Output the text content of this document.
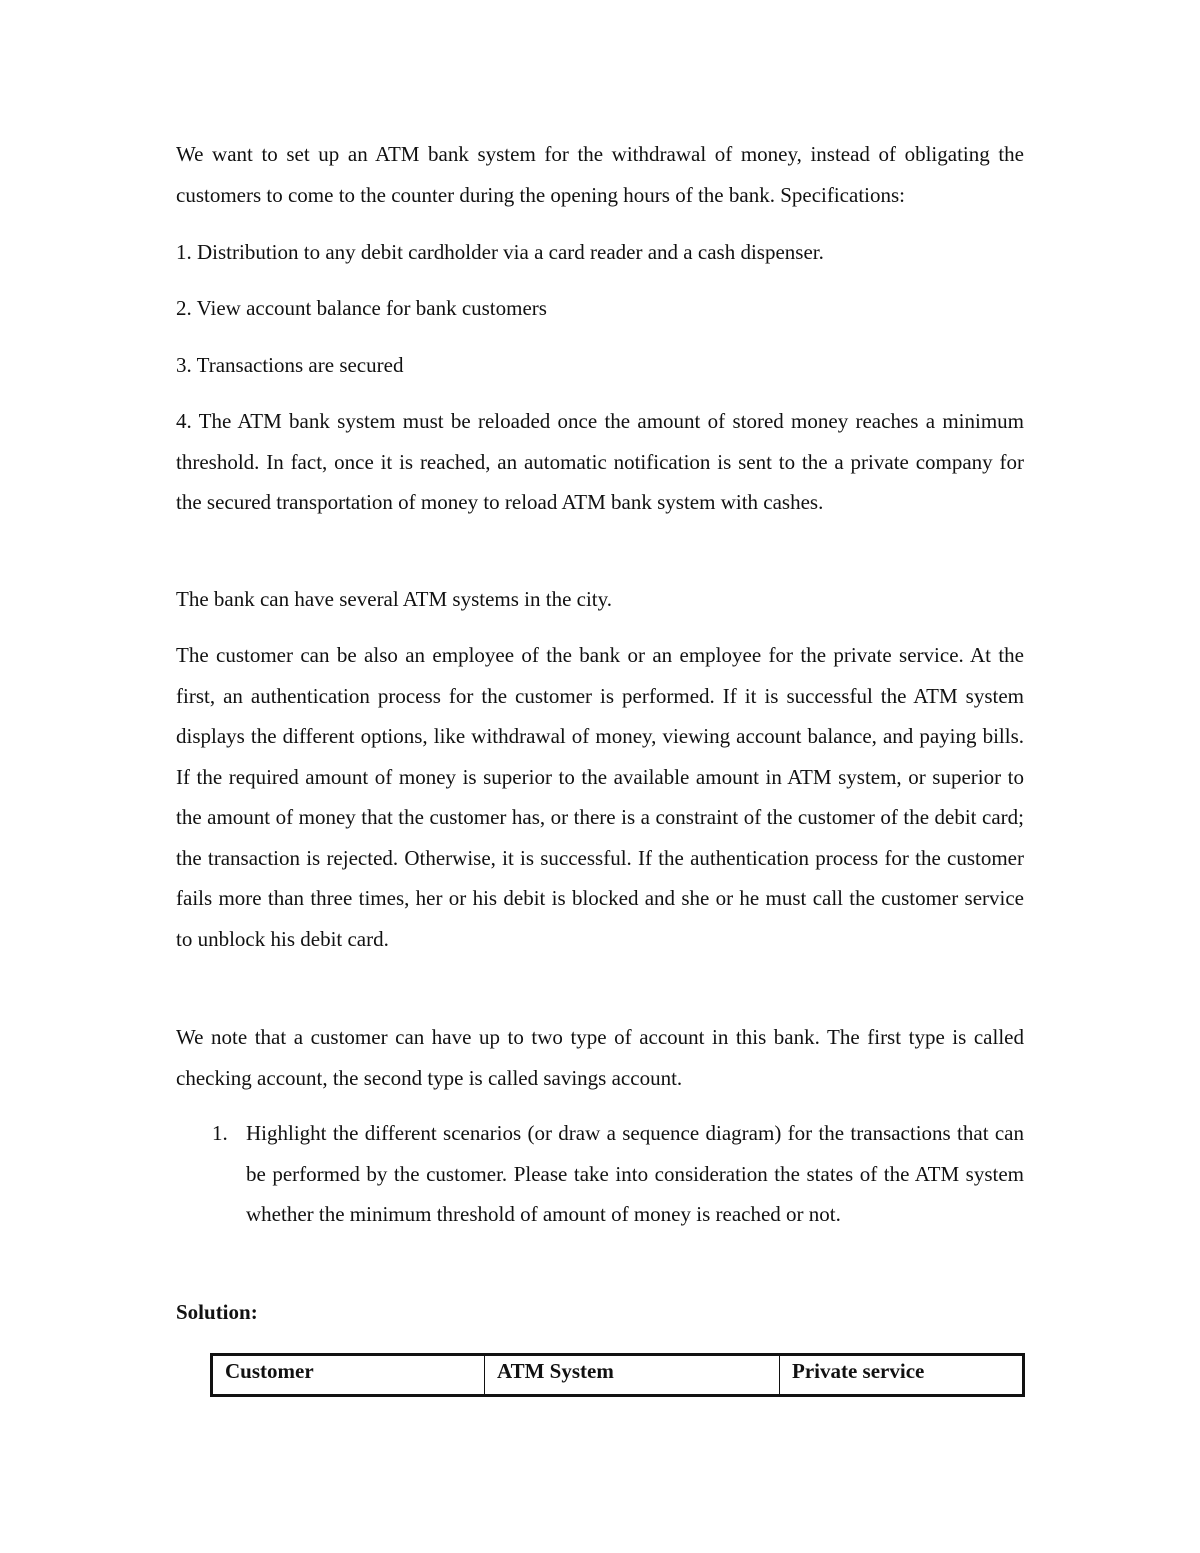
We want to set up an ATM bank system for the withdrawal of money, instead of obligating the customers to come to the counter during the opening hours of the bank. Specifications:

1. Distribution to any debit cardholder via a card reader and a cash dispenser.

2. View account balance for bank customers

3. Transactions are secured

4. The ATM bank system must be reloaded once the amount of stored money reaches a minimum threshold. In fact, once it is reached, an automatic notification is sent to the a private company for the secured transportation of money to reload ATM bank system with cashes.

The bank can have several ATM systems in the city.

The customer can be also an employee of the bank or an employee for the private service. At the first, an authentication process for the customer is performed. If it is successful the ATM system displays the different options, like withdrawal of money, viewing account balance, and paying bills. If the required amount of money is superior to the available amount in ATM system, or superior to the amount of money that the customer has, or there is a constraint of the customer of the debit card; the transaction is rejected. Otherwise, it is successful. If the authentication process for the customer fails more than three times, her or his debit is blocked and she or he must call the customer service to unblock his debit card.

We note that a customer can have up to two type of account in this bank. The first type is called checking account, the second type is called savings account.

1. Highlight the different scenarios (or draw a sequence diagram) for the transactions that can be performed by the customer. Please take into consideration the states of the ATM system whether the minimum threshold of amount of money is reached or not.

Solution:

Customer	ATM System	Private service
